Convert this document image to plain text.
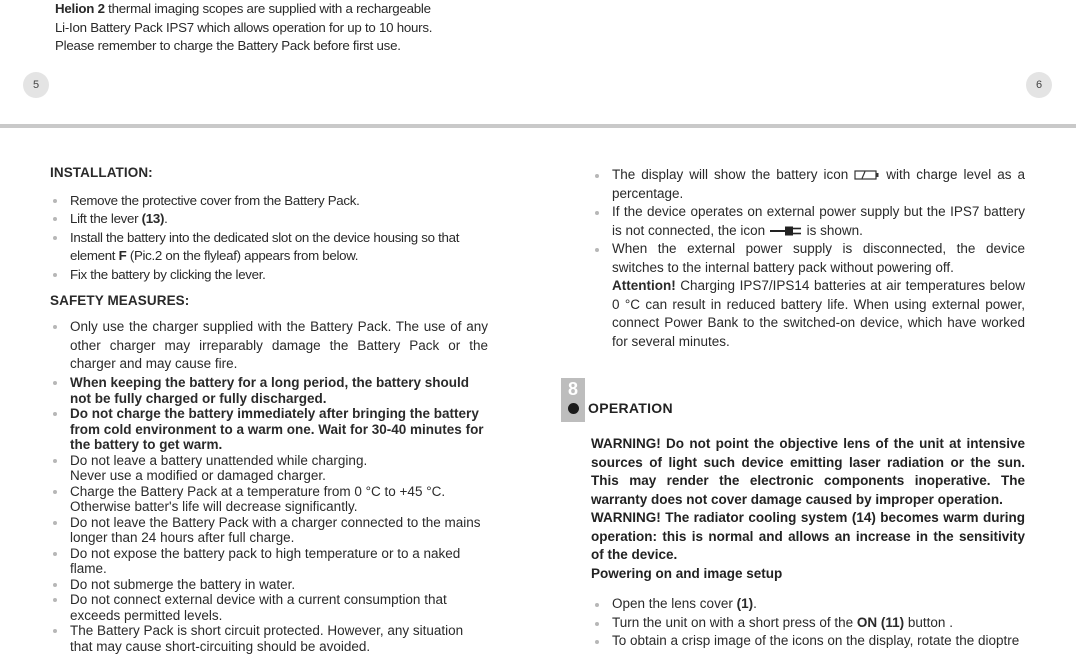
Helion 2 thermal imaging scopes are supplied with a rechargeable
Li-Ion Battery Pack IPS7 which allows operation for up to 10 hours.
Please remember to charge the Battery Pack before first use.
5	6
INSTALLATION:
Remove the protective cover from the Battery Pack.
Lift the lever (13).
Install the battery into the dedicated slot on the device housing so that element F (Pic.2 on the flyleaf) appears from below.
Fix the battery by clicking the lever.
SAFETY MEASURES:
Only use the charger supplied with the Battery Pack. The use of any other charger may irreparably damage the Battery Pack or the charger and may cause fire.
When keeping the battery for a long period, the battery should not be fully charged or fully discharged.
Do not charge the battery immediately after bringing the battery from cold environment to a warm one. Wait for 30-40 minutes for the battery to get warm.
Do not leave a battery unattended while charging.
Never use a modified or damaged charger.
Charge the Battery Pack at a temperature from 0 °C to +45 °C. Otherwise batter's life will decrease significantly.
Do not leave the Battery Pack with a charger connected to the mains longer than 24 hours after full charge.
Do not expose the battery pack to high temperature or to a naked flame.
Do not submerge the battery in water.
Do not connect external device with a current consumption that exceeds permitted levels.
The Battery Pack is short circuit protected. However, any situation that may cause short-circuiting should be avoided.
The display will show the battery icon  with charge level as a percentage.
If the device operates on external power supply but the IPS7 battery is not connected, the icon	is shown.
When the external power supply is disconnected, the device switches to the internal battery pack without powering off.
Attention! Charging IPS7/IPS14 batteries at air temperatures below 0 °C can result in reduced battery life. When using external power, connect Power Bank to the switched-on device, which have worked for several minutes.
8
OPERATION
WARNING! Do not point the objective lens of the unit at intensive sources of light such device emitting laser radiation or the sun. This may render the electronic components inoperative. The warranty does not cover damage caused by improper operation.
WARNING! The radiator cooling system (14) becomes warm during operation: this is normal and allows an increase in the sensitivity of the device.
Powering on and image setup
Open the lens cover (1).
Turn the unit on with a short press of the ON (11) button .
To obtain a crisp image of the icons on the display, rotate the dioptre
